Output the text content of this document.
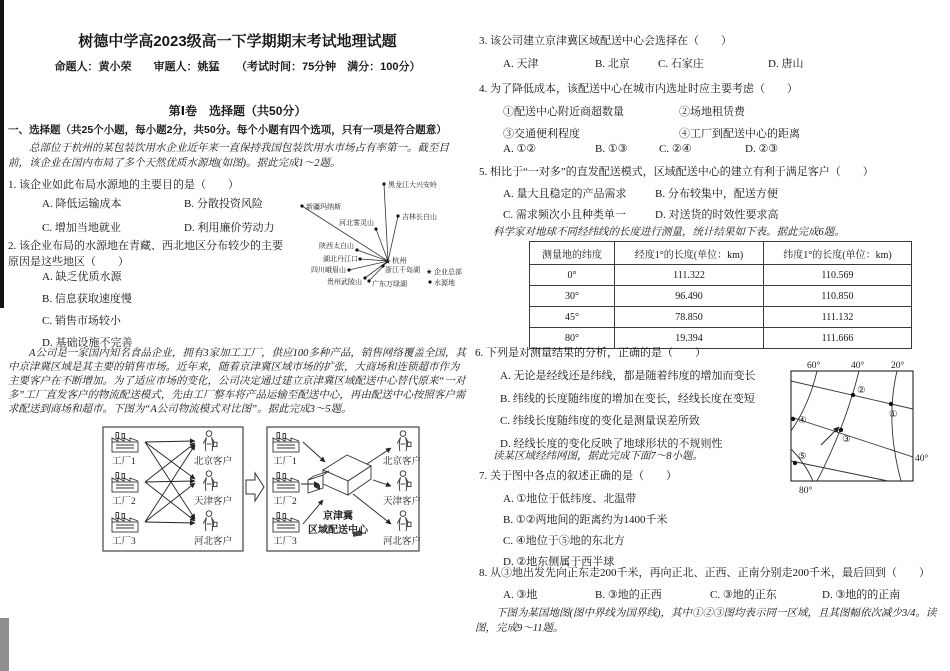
树德中学高2023级高一下学期期末考试地理试题
命题人：黄小荣　　审题人：姚猛　　（考试时间：75分钟　满分：100分）
第Ⅰ卷　选择题（共50分）
一、选择题（共25个小题，每小题2分，共50分。每个小题有四个选项，只有一项是符合题意）
总部位于杭州的某包装饮用水企业近年来一直保持我国包装饮用水市场占有率第一。截至目前，该企业在国内布局了多个天然优质水源地(如图)。据此完成1～2题。
1. 该企业如此布局水源地的主要目的是（　　）
A. 降低运输成本	B. 分散投资风险
C. 增加当地就业	D. 利用廉价劳动力
2. 该企业布局的水源地在青藏、西北地区分布较少的主要原因是这些地区（　　）
A. 缺乏优质水源
B. 信息获取速度慢
C. 销售市场较小
D. 基础设施不完善
★
黑龙江大兴安岭
新疆玛纳斯
吉林长白山
河北雾灵山
陕西太白山
湖北丹江口
四川峨眉山
贵州武陵山 广东万绿湖
浙江千岛湖
杭州
★ 企业总部
水源地
A公司是一家国内知名食品企业，拥有3家加工工厂，供应100多种产品，销售网络覆盖全国，其中京津冀区域是其主要的销售市场。近年来，随着京津冀区域市场的扩张，大商场和连锁超市作为主要客户在不断增加。为了适应市场的变化，公司决定通过建立京津冀区域配送中心替代原来“一对多”工厂直发客户的物流配送模式，先由工厂整车将产品运输至配送中心，再由配送中心按照客户需求配送到商场和超市。下图为“A公司物流模式对比图”。据此完成3～5题。
工厂1
工厂2
工厂3
北京客户
天津客户
河北客户
工厂1
工厂2
工厂3
北京客户
天津客户
河北客户
京津冀
区域配送中心
3. 该公司建立京津冀区域配送中心会选择在（　　）
A. 天津	B. 北京	C. 石家庄	D. 唐山
4. 为了降低成本，该配送中心在城市内选址时应主要考虑（　　）
①配送中心附近商超数量	②场地租赁费
③交通便利程度	④工厂到配送中心的距离
A. ①②	B. ①③	C. ②④	D. ②③
5. 相比于“一对多”的直发配送模式，区域配送中心的建立有利于满足客户（　　）
A. 量大且稳定的产品需求	B. 分布较集中，配送方便
C. 需求频次小且种类单一	D. 对送货的时效性要求高
科学家对地球不同经纬线的长度进行测量，统计结果如下表。据此完成6题。
测量地的纬度	经度1°的长度(单位：km)	纬度1°的长度(单位：km)
0°	111.322	110.569
30°	96.490	110.850
45°	78.850	111.132
80°	19.394	111.666
6. 下列是对测量结果的分析，正确的是（　　）
A. 无论是经线还是纬线，都是随着纬度的增加而变长
B. 纬线的长度随纬度的增加在变长，经线长度在变短
C. 纬线长度随纬度的变化是测量误差所致
D. 经线长度的变化反映了地球形状的不规则性
②
①
③
④
⑤
60°	40°	20°
40°
80°
读某区域经纬网图，据此完成下面7～8小题。
7. 关于图中各点的叙述正确的是（　　）
A. ①地位于低纬度、北温带
B. ①②两地间的距离约为1400千米
C. ④地位于⑤地的东北方
D. ②地东侧属于西半球
8. 从③地出发先向正东走200千米，再向正北、正西、正南分别走200千米，最后回到（　　）
A. ③地	B. ③地的正西	C. ③地的正东	D. ③地的的正南
下图为某国地图(图中界线为国界线)，其中①②③图均表示同一区域，且其图幅依次减少3/4。读图，完成9～11题。
